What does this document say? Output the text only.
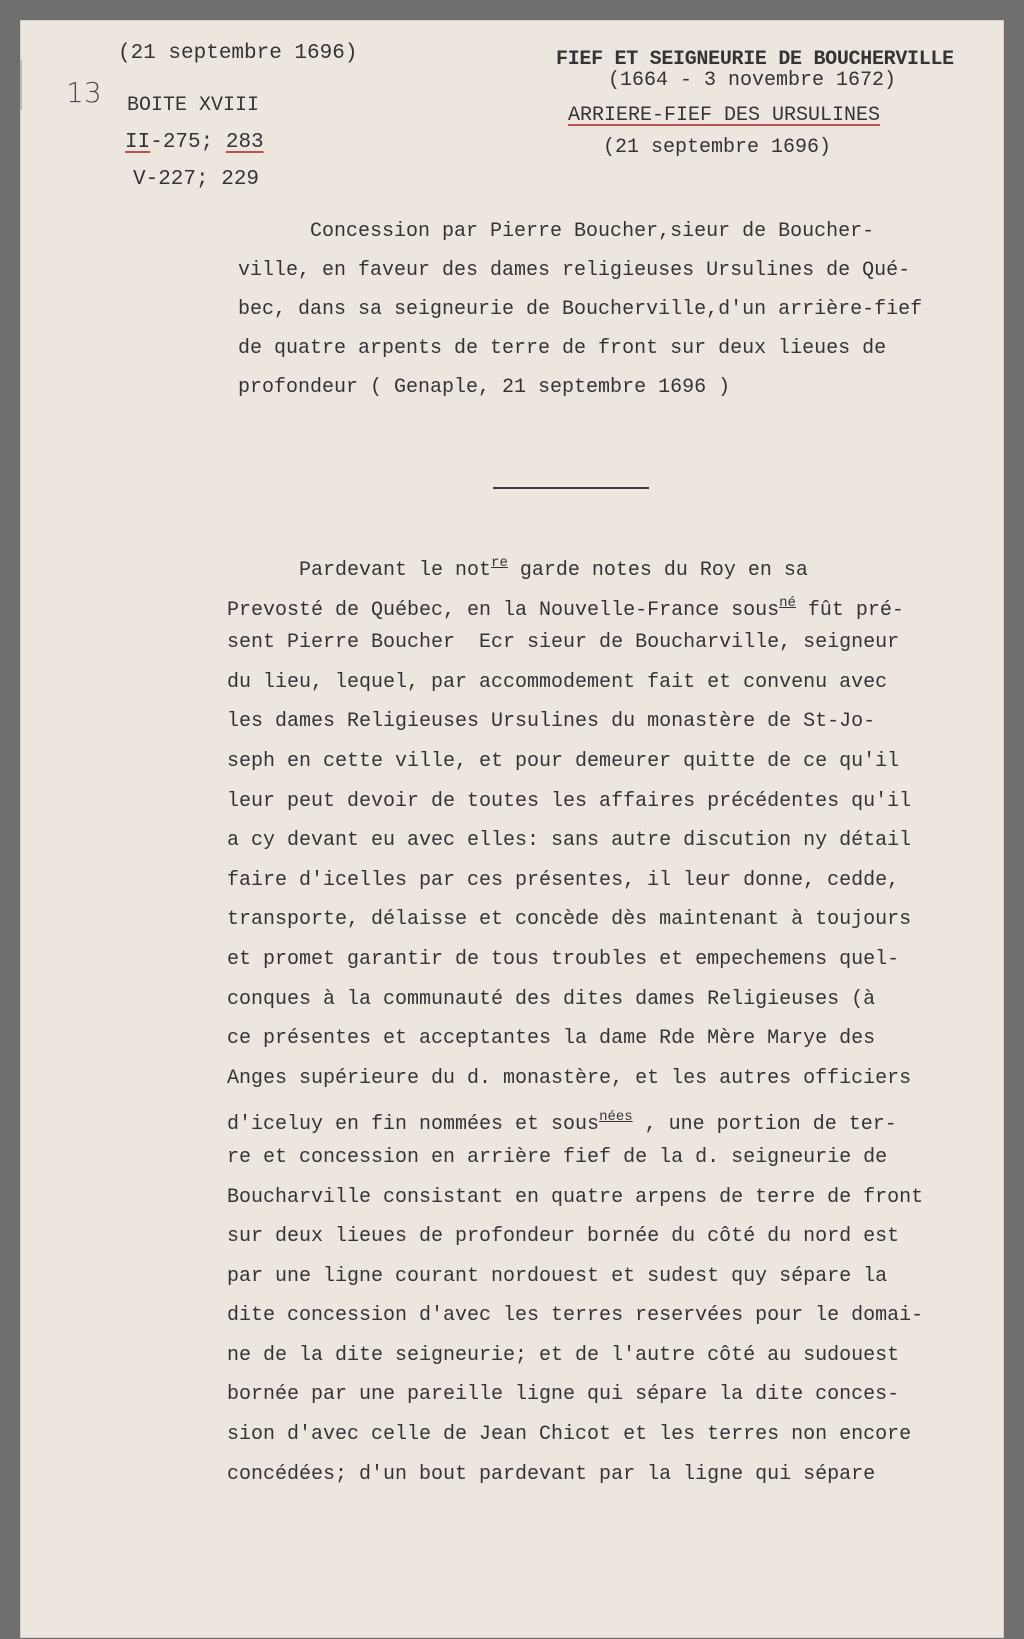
(21 septembre 1696)

13 BOITE XVIII

II-275; 283

V-227; 229

FIEF ET SEIGNEURIE DE BOUCHERVILLE

(1664 - 3 novembre 1672)

ARRIERE-FIEF DES URSULINES

(21 septembre 1696)

Concession par Pierre Boucher,sieur de Boucher-
ville, en faveur des dames religieuses Ursulines de Qué-
bec, dans sa seigneurie de Boucherville,d'un arrière-fief
de quatre arpents de terre de front sur deux lieues de
profondeur ( Genaple, 21 septembre 1696 )
Pardevant le not$^{re}$ garde notes du Roy en sa
Prevosté de Québec, en la Nouvelle-France sous$^{né}$ fût pré-
sent Pierre Boucher  Ecr sieur de Boucharville, seigneur
du lieu, lequel, par accommodement fait et convenu avec
les dames Religieuses Ursulines du monastère de St-Jo-
seph en cette ville, et pour demeurer quitte de ce qu'il
leur peut devoir de toutes les affaires précédentes qu'il
a cy devant eu avec elles: sans autre discution ny détail
faire d'icelles par ces présentes, il leur donne, cedde,
transporte, délaisse et concède dès maintenant à toujours
et promet garantir de tous troubles et empechemens quel-
conques à la communauté des dites dames Religieuses (à
ce présentes et acceptantes la dame Rde Mère Marye des
Anges supérieure du d. monastère, et les autres officiers
d'iceluy en fin nommées et sous$^{nées}$ , une portion de ter-
re et concession en arrière fief de la d. seigneurie de
Boucharville consistant en quatre arpens de terre de front
sur deux lieues de profondeur bornée du côté du nord est
par une ligne courant nordouest et sudest quy sépare la
dite concession d'avec les terres reservées pour le domai-
ne de la dite seigneurie; et de l'autre côté au sudouest
bornée par une pareille ligne qui sépare la dite conces-
sion d'avec celle de Jean Chicot et les terres non encore
concédées; d'un bout pardevant par la ligne qui sépare
